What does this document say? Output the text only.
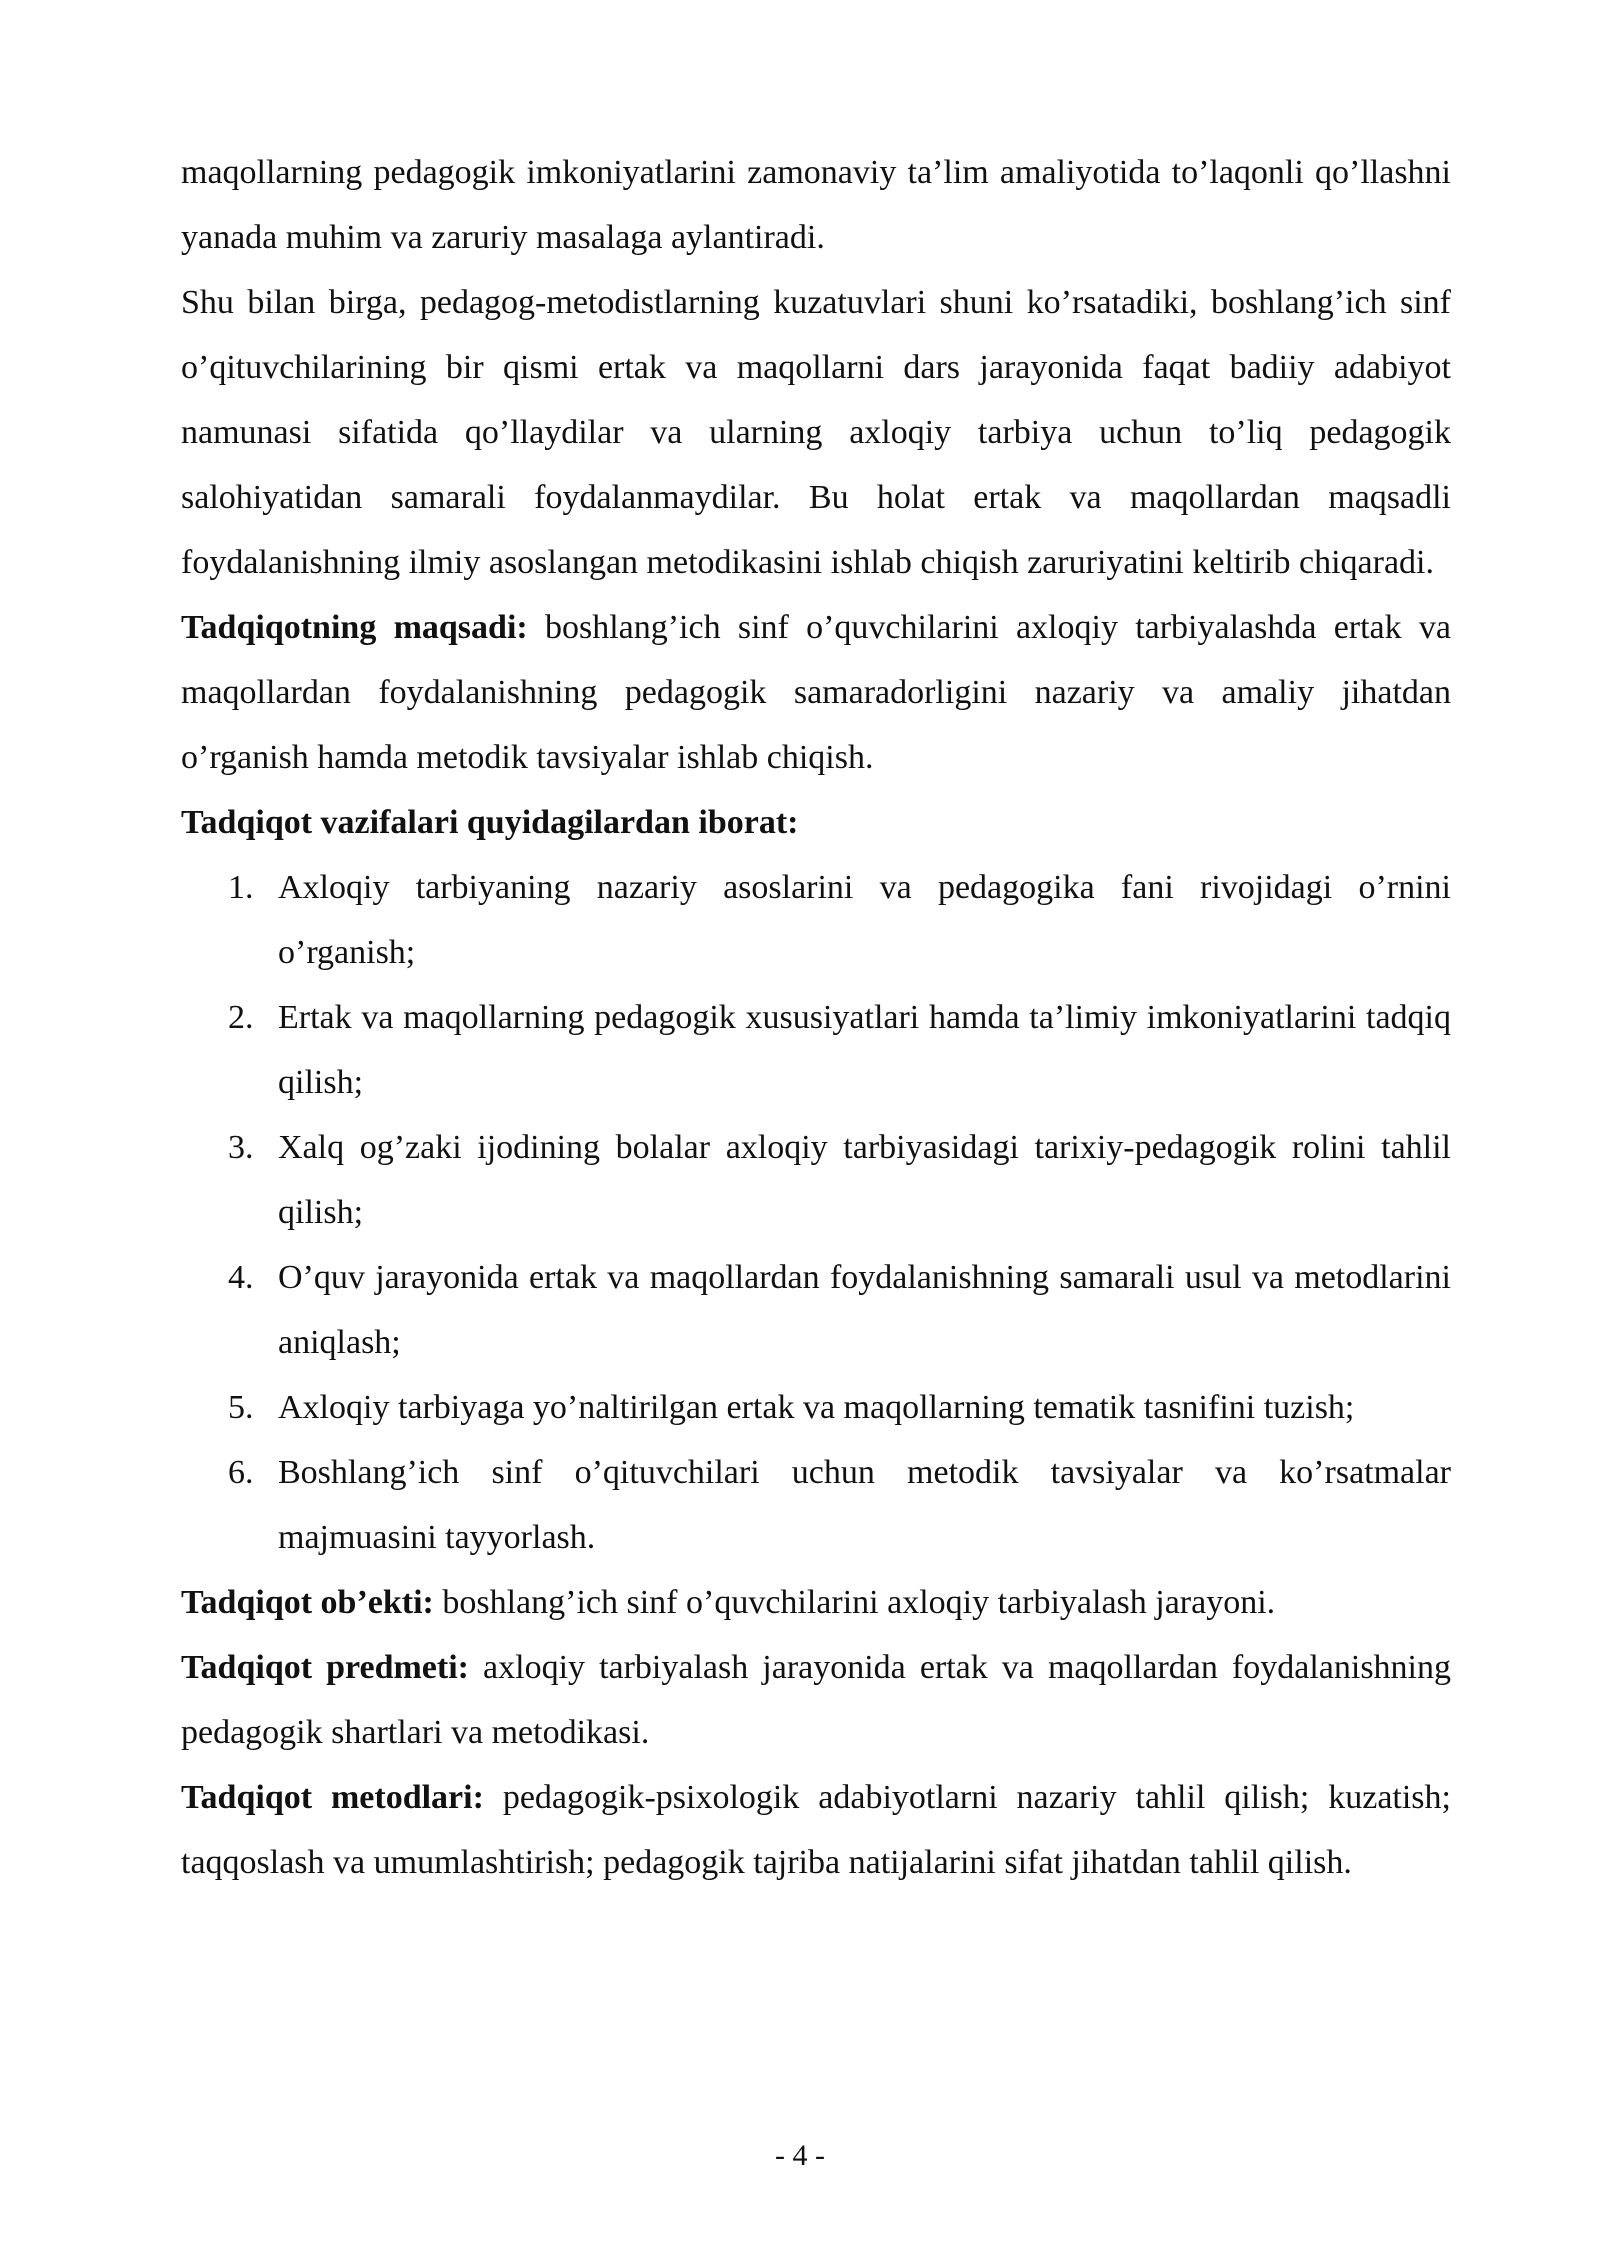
maqollarning pedagogik imkoniyatlarini zamonaviy ta’lim amaliyotida to’laqonli qo’llashni yanada muhim va zaruriy masalaga aylantiradi.

Shu bilan birga, pedagog-metodistlarning kuzatuvlari shuni ko’rsatadiki, boshlang’ich sinf o’qituvchilarining bir qismi ertak va maqollarni dars jarayonida faqat badiiy adabiyot namunasi sifatida qo’llaydilar va ularning axloqiy tarbiya uchun to’liq pedagogik salohiyatidan samarali foydalanmaydilar. Bu holat ertak va maqollardan maqsadli foydalanishning ilmiy asoslangan metodikasini ishlab chiqish zaruriyatini keltirib chiqaradi.

Tadqiqotning maqsadi: boshlang’ich sinf o’quvchilarini axloqiy tarbiyalashda ertak va maqollardan foydalanishning pedagogik samaradorligini nazariy va amaliy jihatdan o’rganish hamda metodik tavsiyalar ishlab chiqish.

Tadqiqot vazifalari quyidagilardan iborat:

1. Axloqiy tarbiyaning nazariy asoslarini va pedagogika fani rivojidagi o’rnini o’rganish;
2. Ertak va maqollarning pedagogik xususiyatlari hamda ta’limiy imkoniyatlarini tadqiq qilish;
3. Xalq og’zaki ijodining bolalar axloqiy tarbiyasidagi tarixiy-pedagogik rolini tahlil qilish;
4. O’quv jarayonida ertak va maqollardan foydalanishning samarali usul va metodlarini aniqlash;
5. Axloqiy tarbiyaga yo’naltirilgan ertak va maqollarning tematik tasnifini tuzish;
6. Boshlang’ich sinf o’qituvchilari uchun metodik tavsiyalar va ko’rsatmalar majmuasini tayyorlash.

Tadqiqot ob’ekti: boshlang’ich sinf o’quvchilarini axloqiy tarbiyalash jarayoni.

Tadqiqot predmeti: axloqiy tarbiyalash jarayonida ertak va maqollardan foydalanishning pedagogik shartlari va metodikasi.

Tadqiqot metodlari: pedagogik-psixologik adabiyotlarni nazariy tahlil qilish; kuzatish; taqqoslash va umumlashtirish; pedagogik tajriba natijalarini sifat jihatdan tahlil qilish.

- 4 -
